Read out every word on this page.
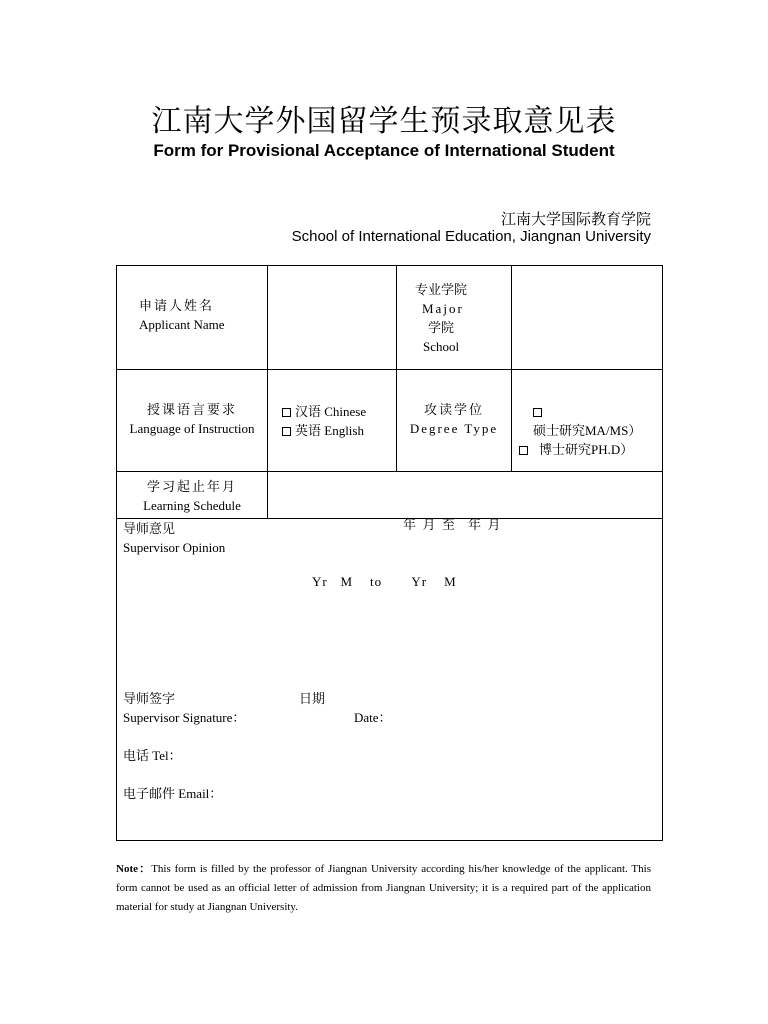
江南大学外国留学生预录取意见表
Form for Provisional Acceptance of International Student
江南大学国际教育学院
School of International Education, Jiangnan University
申请人姓名
Applicant Name
专业学院
Major
学院
School
授课语言要求
Language of Instruction
汉语 Chinese
英语 English
攻读学位
Degree Type	硕士研究MA/MS）
博士研究PH.D）
学习起止年月
Learning Schedule

年  月  至    年  月

Yr   M    to       Yr    M

导师意见
Supervisor Opinion
导师签字
Supervisor Signature：
日期
Date：
电话 Tel：
电子邮件 Email：
Note：This form is filled by the professor of Jiangnan University according his/her knowledge of the applicant. This form cannot be used as an official letter of admission from Jiangnan University; it is a required part of the application material for study at Jiangnan University.
